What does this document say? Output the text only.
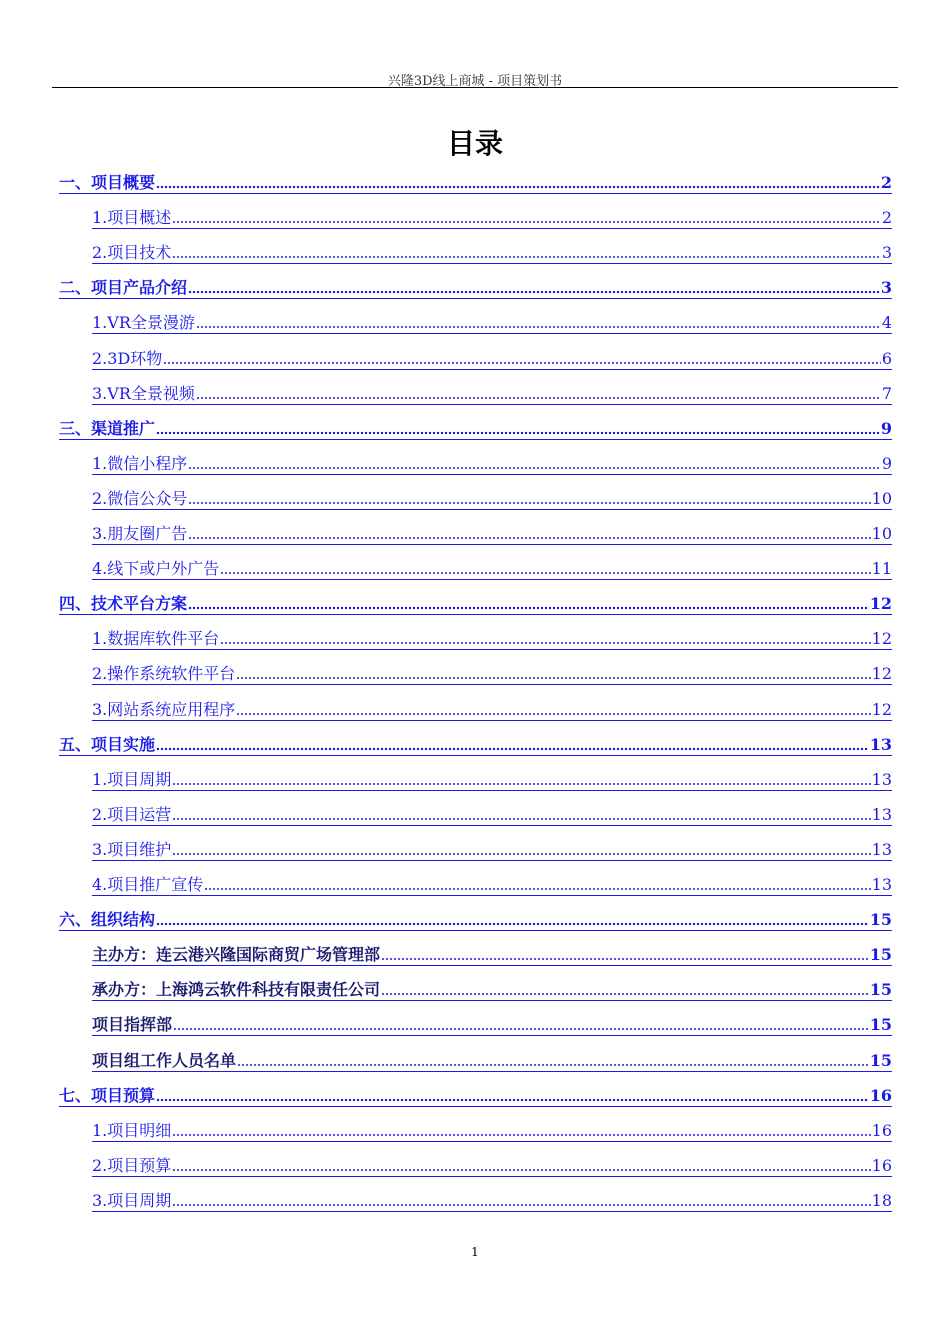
兴隆3D线上商城 - 项目策划书
目录
一、项目概要	2
1.项目概述	2
2.项目技术	3
二、项目产品介绍	3
1.VR全景漫游	4
2.3D环物	6
3.VR全景视频	7
三、渠道推广	9
1.微信小程序	9
2.微信公众号	10
3.朋友圈广告	10
4.线下或户外广告	11
四、技术平台方案	12
1.数据库软件平台	12
2.操作系统软件平台	12
3.网站系统应用程序	12
五、项目实施	13
1.项目周期	13
2.项目运营	13
3.项目维护	13
4.项目推广宣传	13
六、组织结构	15
主办方：连云港兴隆国际商贸广场管理部	15
承办方：上海鸿云软件科技有限责任公司	15
项目指挥部	15
项目组工作人员名单	15
七、项目预算	16
1.项目明细	16
2.项目预算	16
3.项目周期	18
1
